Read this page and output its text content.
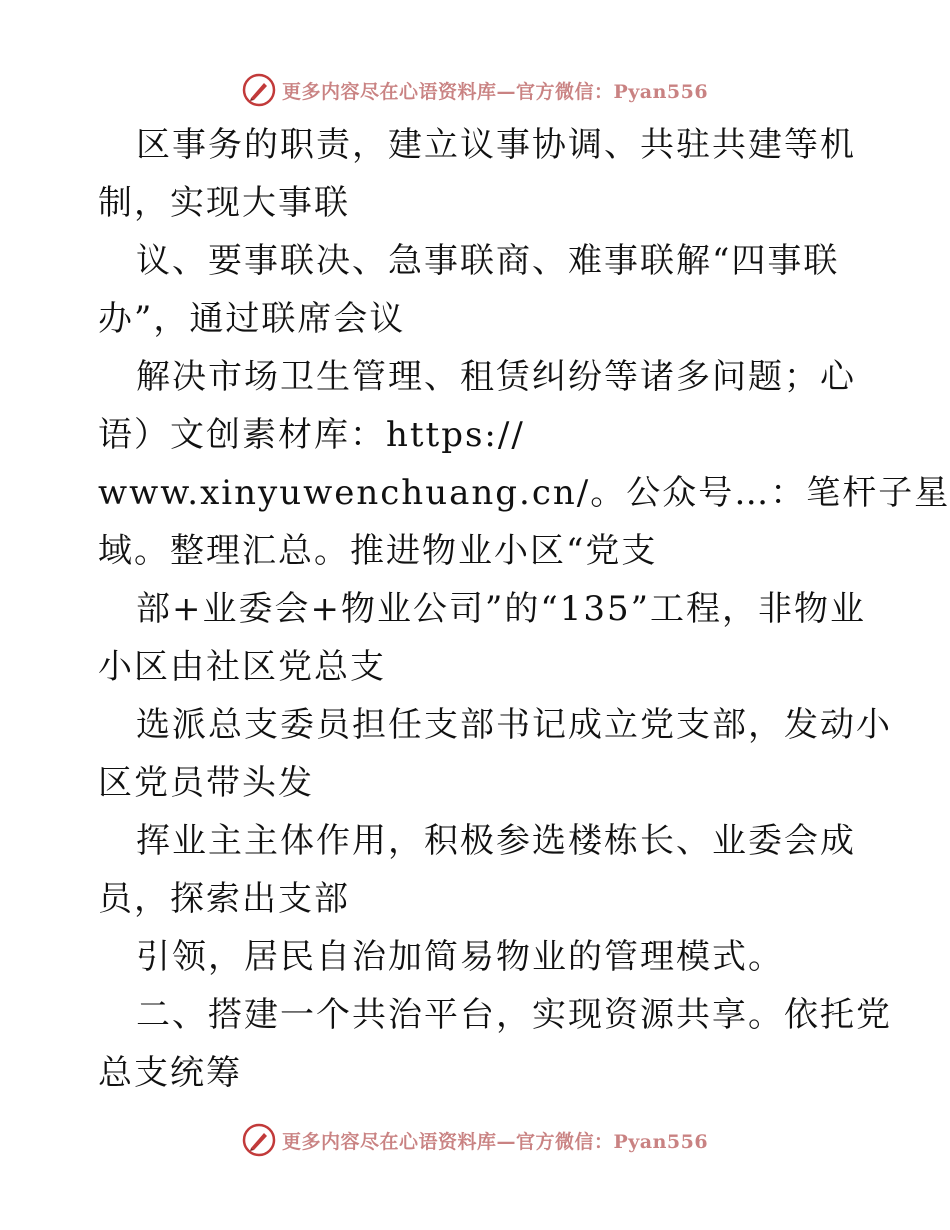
更多内容尽在心语资料库—官方微信：Pyan556
区事务的职责，建立议事协调、共驻共建等机
制，实现大事联
议、要事联决、急事联商、难事联解“四事联
办”，通过联席会议
解决市场卫生管理、租赁纠纷等诸多问题；心
语）文创素材库：https://
www.xinyuwenchuang.cn/。公众号…：笔杆子星
域。整理汇总。推进物业小区“党支
部+业委会+物业公司”的“135”工程，非物业
小区由社区党总支
选派总支委员担任支部书记成立党支部，发动小
区党员带头发
挥业主主体作用，积极参选楼栋长、业委会成
员，探索出支部
引领，居民自治加简易物业的管理模式。
二、搭建一个共治平台，实现资源共享。依托党
总支统筹
更多内容尽在心语资料库—官方微信：Pyan556
